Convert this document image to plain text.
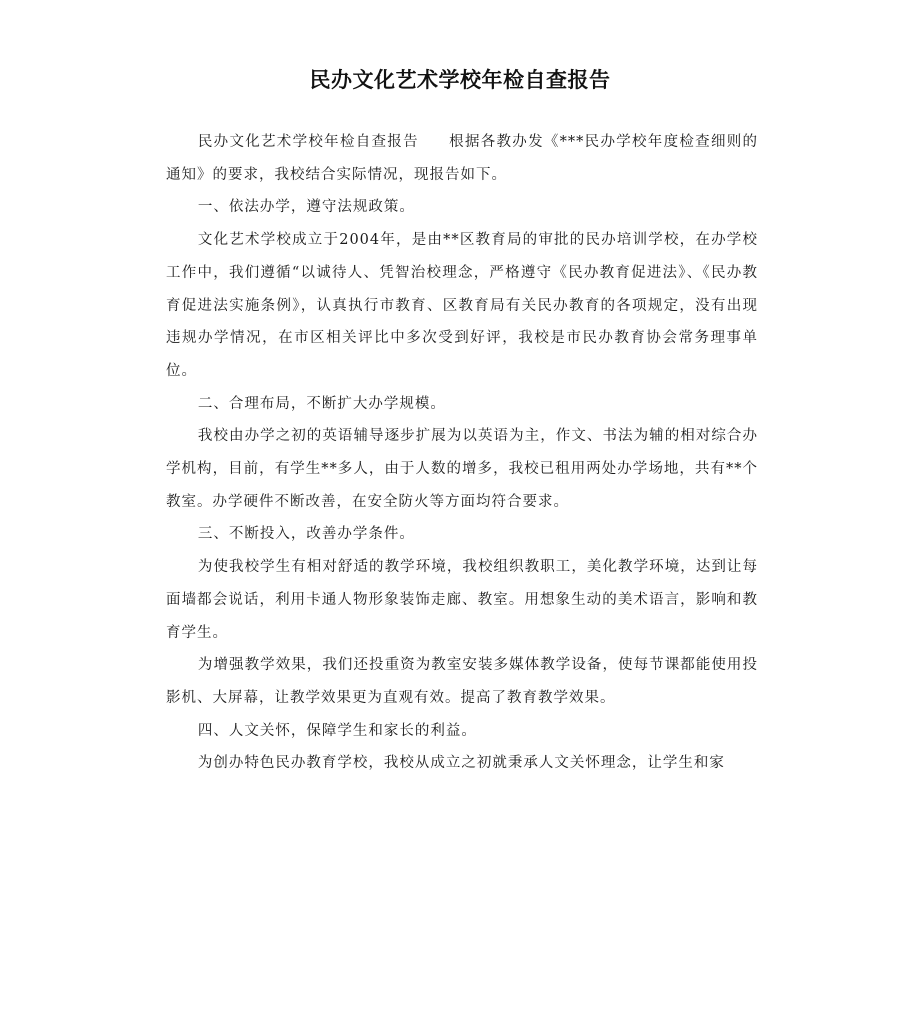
民办文化艺术学校年检自查报告

民办文化艺术学校年检自查报告 根据各教办发《***民办学校年度检查细则的通知》的要求，我校结合实际情况，现报告如下。

一、依法办学，遵守法规政策。

文化艺术学校成立于2004年，是由**区教育局的审批的民办培训学校，在办学校工作中，我们遵循“以诚待人、凭智治校理念，严格遵守《民办教育促进法》、《民办教育促进法实施条例》，认真执行市教育、区教育局有关民办教育的各项规定，没有出现违规办学情况，在市区相关评比中多次受到好评，我校是市民办教育协会常务理事单位。

二、合理布局，不断扩大办学规模。

我校由办学之初的英语辅导逐步扩展为以英语为主，作文、书法为辅的相对综合办学机构，目前，有学生**多人，由于人数的增多，我校已租用两处办学场地，共有**个教室。办学硬件不断改善，在安全防火等方面均符合要求。

三、不断投入，改善办学条件。

为使我校学生有相对舒适的教学环境，我校组织教职工，美化教学环境，达到让每面墙都会说话，利用卡通人物形象装饰走廊、教室。用想象生动的美术语言，影响和教育学生。

为增强教学效果，我们还投重资为教室安装多媒体教学设备，使每节课都能使用投影机、大屏幕，让教学效果更为直观有效。提高了教育教学效果。

四、人文关怀，保障学生和家长的利益。

为创办特色民办教育学校，我校从成立之初就秉承人文关怀理念，让学生和家
